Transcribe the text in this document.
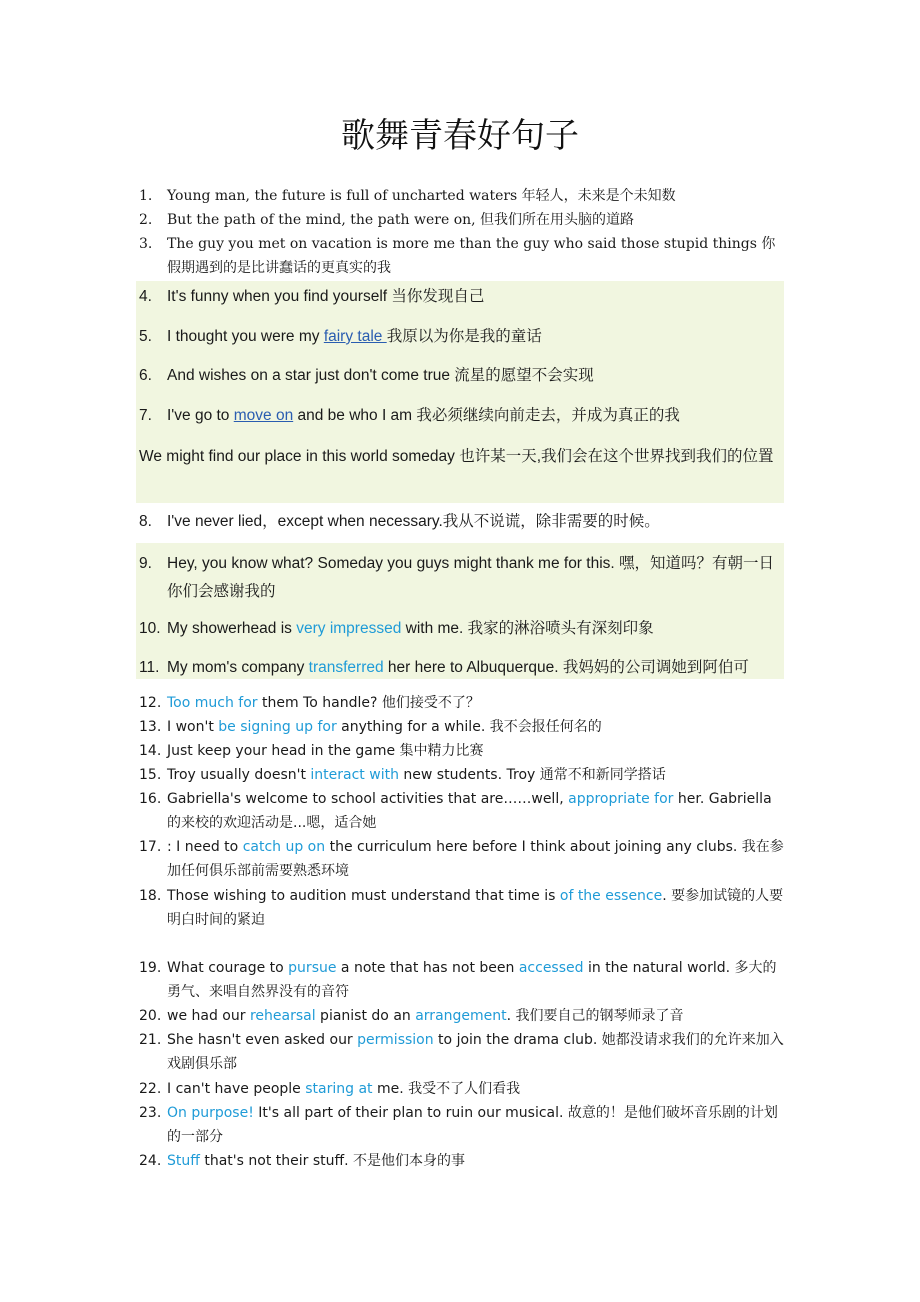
歌舞青春好句子
1.	Young man, the future is full of uncharted waters 年轻人，未来是个未知数
2.	But the path of the mind, the path were on, 但我们所在用头脑的道路
3.	The guy you met on vacation is more me than the guy who said those stupid things 你假期遇到的是比讲蠢话的更真实的我
4. It's funny when you find yourself 当你发现自己
5. I thought you were my fairy tale 我原以为你是我的童话
6. And wishes on a star just don't come true 流星的愿望不会实现
7. I've go to move on and be who I am 我必须继续向前走去，并成为真正的我
We might find our place in this world someday 也许某一天,我们会在这个世界找到我们的位置
8. I've never lied，except when necessary.我从不说谎，除非需要的时候。
9. Hey, you know what? Someday you guys might thank me for this. 嘿，知道吗？有朝一日你们会感谢我的
10. My showerhead is very impressed with me. 我家的淋浴喷头有深刻印象
11. My mom's company transferred her here to Albuquerque. 我妈妈的公司调她到阿伯可
12. Too much for them To handle? 他们接受不了？
13. I won't be signing up for anything for a while. 我不会报任何名的
14. Just keep your head in the game 集中精力比赛
15. Troy usually doesn't interact with new students. Troy 通常不和新同学搭话
16. Gabriella's welcome to school activities that are……well, appropriate for her. Gabriella 的来校的欢迎活动是...嗯，适合她
17. : I need to catch up on the curriculum here before I think about joining any clubs. 我在参加任何俱乐部前需要熟悉环境
18. Those wishing to audition must understand that time is of the essence. 要参加试镜的人要明白时间的紧迫
19. What courage to pursue a note that has not been accessed in the natural world. 多大的勇气、来唱自然界没有的音符
20. we had our rehearsal pianist do an arrangement. 我们要自己的钢琴师录了音
21. She hasn't even asked our permission to join the drama club. 她都没请求我们的允许来加入戏剧俱乐部
22. I can't have people staring at me. 我受不了人们看我
23. On purpose! It's all part of their plan to ruin our musical. 故意的！是他们破坏音乐剧的计划的一部分
24. Stuff that's not their stuff. 不是他们本身的事
